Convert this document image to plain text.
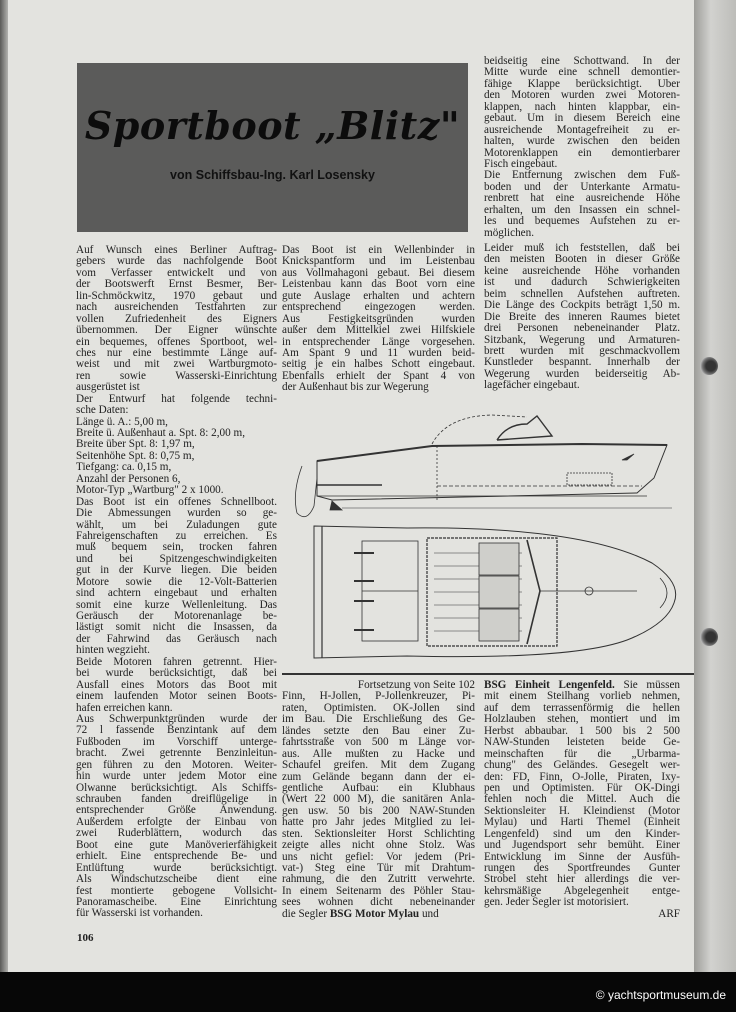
Sportboot „Blitz"
von Schiffsbau-Ing. Karl Losensky
Auf Wunsch eines Berliner Auftrag-
gebers wurde das nachfolgende Boot
vom Verfasser entwickelt und von
der Bootswerft Ernst Besmer, Ber-
lin-Schmöckwitz, 1970 gebaut und
nach ausreichenden Testfahrten zur
vollen Zufriedenheit des Eigners
übernommen. Der Eigner wünschte
ein bequemes, offenes Sportboot, wel-
ches nur eine bestimmte Länge auf-
weist und mit zwei Wartburgmoto-
ren sowie Wasserski-Einrichtung
ausgerüstet ist
Der Entwurf hat folgende techni-
sche Daten:
Länge ü. A.: 5,00 m,
Breite ü. Außenhaut a. Spt. 8: 2,00 m,
Breite über Spt. 8: 1,97 m,
Seitenhöhe Spt. 8: 0,75 m,
Tiefgang: ca. 0,15 m,
Anzahl der Personen 6,
Motor-Typ „Wartburg" 2 x 1000.
Das Boot ist ein offenes Schnellboot.
Die Abmessungen wurden so ge-
wählt, um bei Zuladungen gute
Fahreigenschaften zu erreichen. Es
muß bequem sein, trocken fahren
und bei Spitzengeschwindigkeiten
gut in der Kurve liegen. Die beiden
Motore sowie die 12-Volt-Batterien
sind achtern eingebaut und erhalten
somit eine kurze Wellenleitung. Das
Geräusch der Motorenanlage be-
lästigt somit nicht die Insassen, da
der Fahrwind das Geräusch nach
hinten wegzieht.
Beide Motoren fahren getrennt. Hier-
bei wurde berücksichtigt, daß bei
Ausfall eines Motors das Boot mit
einem laufenden Motor seinen Boots-
hafen erreichen kann.
Aus Schwerpunktgründen wurde der
72 l fassende Benzintank auf dem
Fußboden im Vorschiff unterge-
bracht. Zwei getrennte Benzinleitun-
gen führen zu den Motoren. Weiter-
hin wurde unter jedem Motor eine
Ölwanne berücksichtigt. Als Schiffs-
schrauben fanden dreiflügelige in
entsprechender Größe Anwendung.
Außerdem erfolgte der Einbau von
zwei Ruderblättern, wodurch das
Boot eine gute Manöverierfähigkeit
erhielt. Eine entsprechende Be- und
Entlüftung wurde berücksichtigt.
Als Windschutzscheibe dient eine
fest montierte gebogene Vollsicht-
Panoramascheibe. Eine Einrichtung
für Wasserski ist vorhanden.
Das Boot ist ein Wellenbinder in
Knickspantform und im Leistenbau
aus Vollmahagoni gebaut. Bei diesem
Leistenbau kann das Boot vorn eine
gute Auslage erhalten und achtern
entsprechend eingezogen werden.
Aus Festigkeitsgründen wurden
außer dem Mittelkiel zwei Hilfskiele
in entsprechender Länge vorgesehen.
Am Spant 9 und 11 wurden beid-
seitig je ein halbes Schott eingebaut.
Ebenfalls erhielt der Spant 4 von
der Außenhaut bis zur Wegerung
beidseitig eine Schottwand. In der
Mitte wurde eine schnell demontier-
fähige Klappe berücksichtigt. Über
den Motoren wurden zwei Motoren-
klappen, nach hinten klappbar, ein-
gebaut. Um in diesem Bereich eine
ausreichende Montagefreiheit zu er-
halten, wurde zwischen den beiden
Motorenklappen ein demontierbarer
Fisch eingebaut.
Die Entfernung zwischen dem Fuß-
boden und der Unterkante Armatu-
renbrett hat eine ausreichende Höhe
erhalten, um den Insassen ein schnel-
les und bequemes Aufstehen zu er-
möglichen.
Leider muß ich feststellen, daß bei
den meisten Booten in dieser Größe
keine ausreichende Höhe vorhanden
ist und dadurch Schwierigkeiten
beim schnellen Aufstehen auftreten.
Die Länge des Cockpits beträgt 1,50 m.
Die Breite des inneren Raumes bietet
drei Personen nebeneinander Platz.
Sitzbank, Wegerung und Armaturen-
brett wurden mit geschmackvollem
Kunstleder bespannt. Innerhalb der
Wegerung wurden beiderseitig Ab-
lagefächer eingebaut.
Fortsetzung von Seite 102
Finn, H-Jollen, P-Jollenkreuzer, Pi-
raten, Optimisten. OK-Jollen sind
im Bau. Die Erschließung des Ge-
ländes setzte den Bau einer Zu-
fahrtsstraße von 500 m Länge vor-
aus. Alle mußten zu Hacke und
Schaufel greifen. Mit dem Zugang
zum Gelände begann dann der ei-
gentliche Aufbau: ein Klubhaus
(Wert 22 000 M), die sanitären Anla-
gen usw. 50 bis 200 NAW-Stunden
hatte pro Jahr jedes Mitglied zu lei-
sten. Sektionsleiter Horst Schlichting
zeigte alles nicht ohne Stolz. Was
uns nicht gefiel: Vor jedem (Pri-
vat-) Steg eine Tür mit Drahtum-
rahmung, die den Zutritt verwehrte.
In einem Seitenarm des Pöhler Stau-
sees wohnen dicht nebeneinander
die Segler BSG Motor Mylau und
BSG Einheit Lengenfeld. Sie müssen
mit einem Steilhang vorlieb nehmen,
auf dem terrassenförmig die hellen
Holzlauben stehen, montiert und im
Herbst abbaubar. 1 500 bis 2 500
NAW-Stunden leisteten beide Ge-
meinschaften für die „Urbarma-
chung" des Geländes. Gesegelt wer-
den: FD, Finn, O-Jolle, Piraten, Ixy-
pen und Optimisten. Für OK-Dingi
fehlen noch die Mittel. Auch die
Sektionsleiter H. Kleindienst (Motor
Mylau) und Harti Themel (Einheit
Lengenfeld) sind um den Kinder-
und Jugendsport sehr bemüht. Einer
Entwicklung im Sinne der Ausfüh-
rungen des Sportfreundes Gunter
Strobel steht hier allerdings die ver-
kehrsmäßige Abgelegenheit entge-
gen. Jeder Segler ist motorisiert.
ARF
106
© yachtsportmuseum.de
